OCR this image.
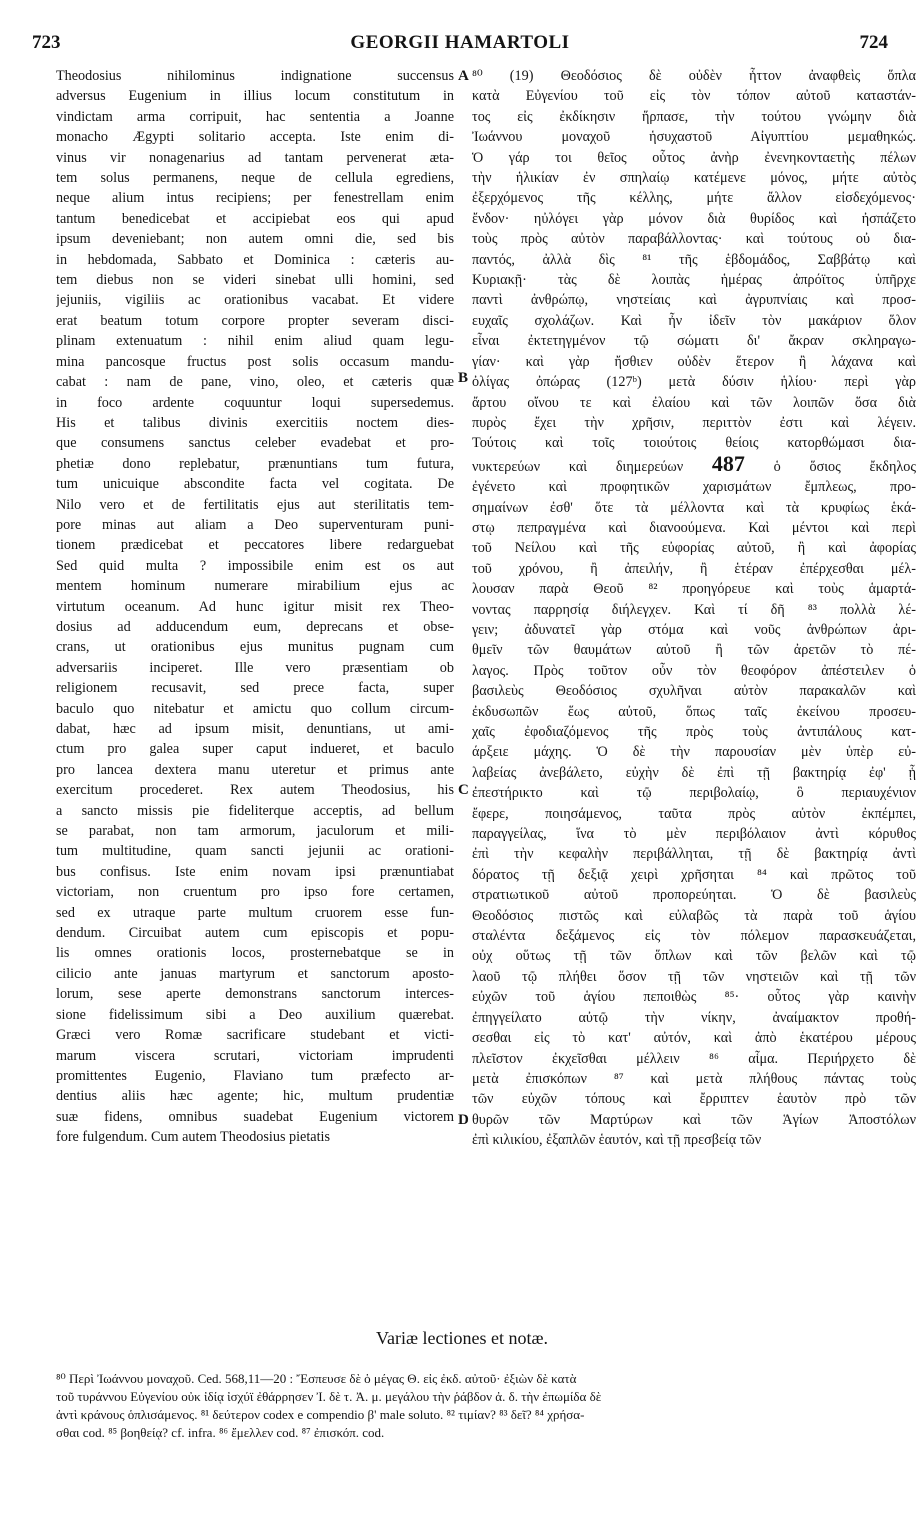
723	GEORGII HAMARTOLI	724
A
B
C
D
Theodosius nihilominus indignatione succensus
adversus Eugenium in illius locum constitutum in
vindictam arma corripuit, hac sententia a Joanne
monacho Ægypti solitario accepta. Iste enim di-
vinus vir nonagenarius ad tantam pervenerat æta-
tem solus permanens, neque de cellula egrediens,
neque alium intus recipiens; per fenestrellam enim
tantum benedicebat et accipiebat eos qui apud
ipsum deveniebant; non autem omni die, sed bis
in hebdomada, Sabbato et Dominica : cæteris au-
tem diebus non se videri sinebat ulli homini, sed
jejuniis, vigiliis ac orationibus vacabat. Et videre
erat beatum totum corpore propter severam disci-
plinam extenuatum : nihil enim aliud quam legu-
mina pancosque fructus post solis occasum mandu-
cabat : nam de pane, vino, oleo, et cæteris quæ
in foco ardente coquuntur loqui supersedemus.
His et talibus divinis exercitiis noctem dies-
que consumens sanctus celeber evadebat et pro-
phetiæ dono replebatur, prænuntians tum futura,
tum unicuique abscondite facta vel cogitata. De
Nilo vero et de fertilitatis ejus aut sterilitatis tem-
pore minas aut aliam a Deo superventuram puni-
tionem prædicebat et peccatores libere redarguebat
Sed quid multa ? impossibile enim est os aut
mentem hominum numerare mirabilium ejus ac
virtutum oceanum. Ad hunc igitur misit rex Theo-
dosius ad adducendum eum, deprecans et obse-
crans, ut orationibus ejus munitus pugnam cum
adversariis inciperet. Ille vero præsentiam ob
religionem recusavit, sed prece facta, super
baculo quo nitebatur et amictu quo collum circum-
dabat, hæc ad ipsum misit, denuntians, ut ami-
ctum pro galea super caput indueret, et baculo
pro lancea dextera manu uteretur et primus ante
exercitum procederet. Rex autem Theodosius, his
a sancto missis pie fideliterque acceptis, ad bellum
se parabat, non tam armorum, jaculorum et mili-
tum multitudine, quam sancti jejunii ac orationi-
bus confisus. Iste enim novam ipsi prænuntiabat
victoriam, non cruentum pro ipso fore certamen,
sed ex utraque parte multum cruorem esse fun-
dendum. Circuibat autem cum episcopis et popu-
lis omnes orationis locos, prosternebatque se in
cilicio ante januas martyrum et sanctorum aposto-
lorum, sese aperte demonstrans sanctorum interces-
sione fidelissimum sibi a Deo auxilium quærebat.
Græci vero Romæ sacrificare studebant et victi-
marum viscera scrutari, victoriam imprudenti
promittentes Eugenio, Flaviano tum præfecto ar-
dentius aliis hæc agente; hic, multum prudentiæ
suæ fidens, omnibus suadebat Eugenium victorem
fore fulgendum. Cum autem Theodosius pietatis
⁸⁰ (19) Θεοδόσιος δὲ οὐδὲν ἧττον ἀναφθεὶς ὅπλα
κατὰ Εὐγενίου τοῦ εἰς τὸν τόπον αὐτοῦ καταστάν-
τος εἰς ἐκδίκησιν ἥρπασε, τὴν τούτου γνώμην διὰ
Ἰωάννου μοναχοῦ ἡσυχαστοῦ Αἰγυπτίου μεμαθηκώς.
Ὁ γάρ τοι θεῖος οὗτος ἀνὴρ ἐνενηκονταετὴς πέλων
τὴν ἡλικίαν ἐν σπηλαίῳ κατέμενε μόνος, μήτε αὐτὸς
ἐξερχόμενος τῆς κέλλης, μήτε ἄλλον εἰσδεχόμενος·
ἔνδον· ηὐλόγει γὰρ μόνον διὰ θυρίδος καὶ ἠσπάζετο
τοὺς πρὸς αὐτὸν παραβάλλοντας· καὶ τούτους οὐ δια-
παντός, ἀλλὰ δὶς ⁸¹ τῆς ἑβδομάδος, Σαββάτῳ καὶ
Κυριακῇ· τὰς δὲ λοιπὰς ἡμέρας ἀπρόϊτος ὑπῆρχε
παντὶ ἀνθρώπῳ, νηστείαις καὶ ἀγρυπνίαις καὶ προσ-
ευχαῖς σχολάζων. Καὶ ἦν ἰδεῖν τὸν μακάριον ὅλον
εἶναι ἐκτετηγμένον τῷ σώματι δι' ἄκραν σκληραγω-
γίαν· καὶ γὰρ ἤσθιεν οὐδὲν ἕτερον ἢ λάχανα καὶ
ὀλίγας ὀπώρας (127ᵇ) μετὰ δύσιν ἡλίου· περὶ γὰρ
ἄρτου οἴνου τε καὶ ἐλαίου καὶ τῶν λοιπῶν ὅσα διὰ
πυρὸς ἔχει τὴν χρῆσιν, περιττὸν ἐστι καὶ λέγειν.
Τούτοις καὶ τοῖς τοιούτοις θείοις κατορθώμασι δια-
νυκτερεύων καὶ διημερεύων 487 ὁ ὅσιος ἔκδηλος
ἐγένετο καὶ προφητικῶν χαρισμάτων ἔμπλεως, προ-
σημαίνων ἐσθ' ὅτε τὰ μέλλοντα καὶ τὰ κρυφίως ἑκά-
στῳ πεπραγμένα καὶ διανοούμενα. Καὶ μέντοι καὶ περὶ
τοῦ Νείλου καὶ τῆς εὐφορίας αὐτοῦ, ἢ καὶ ἀφορίας
τοῦ χρόνου, ἢ ἀπειλήν, ἢ ἑτέραν ἐπέρχεσθαι μέλ-
λουσαν παρὰ Θεοῦ ⁸² προηγόρευε καὶ τοὺς ἁμαρτά-
νοντας παρρησίᾳ διήλεγχεν. Καὶ τί δῆ ⁸³ πολλὰ λέ-
γειν; ἀδυνατεῖ γὰρ στόμα καὶ νοῦς ἀνθρώπων ἀρι-
θμεῖν τῶν θαυμάτων αὐτοῦ ἢ τῶν ἀρετῶν τὸ πέ-
λαγος. Πρὸς τοῦτον οὖν τὸν θεοφόρον ἀπέστειλεν ὁ
βασιλεὺς Θεοδόσιος σχυλῆναι αὐτὸν παρακαλῶν καὶ
ἐκδυσωπῶν ἕως αὐτοῦ, ὅπως ταῖς ἐκείνου προσευ-
χαῖς ἐφοδιαζόμενος τῆς πρὸς τοὺς ἀντιπάλους κατ-
άρξειε μάχης. Ὁ δὲ τὴν παρουσίαν μὲν ὑπὲρ εὐ-
λαβείας ἀνεβάλετο, εὐχὴν δὲ ἐπὶ τῇ βακτηρίᾳ ἐφ' ᾗ
ἐπεστήρικτο καὶ τῷ περιβολαίῳ, ὃ περιαυχένιον
ἔφερε, ποιησάμενος, ταῦτα πρὸς αὐτὸν ἐκπέμπει,
παραγγείλας, ἵνα τὸ μὲν περιβόλαιον ἀντὶ κόρυθος
ἐπὶ τὴν κεφαλὴν περιβάλληται, τῇ δὲ βακτηρίᾳ ἀντὶ
δόρατος τῇ δεξιᾷ χειρὶ χρῆσηται ⁸⁴ καὶ πρῶτος τοῦ
στρατιωτικοῦ αὐτοῦ προπορεύηται. Ὁ δὲ βασιλεὺς
Θεοδόσιος πιστῶς καὶ εὐλαβῶς τὰ παρὰ τοῦ ἁγίου
σταλέντα δεξάμενος εἰς τὸν πόλεμον παρασκευάζεται,
οὐχ οὕτως τῇ τῶν ὅπλων καὶ τῶν βελῶν καὶ τῷ
λαοῦ τῷ πλήθει ὅσον τῇ τῶν νηστειῶν καὶ τῇ τῶν
εὐχῶν τοῦ ἁγίου πεποιθὼς ⁸⁵· οὗτος γὰρ καινὴν
ἐπηγγείλατο αὐτῷ τὴν νίκην, ἀναίμακτον προθή-
σεσθαι εἰς τὸ κατ' αὐτόν, καὶ ἀπὸ ἑκατέρου μέρους
πλεῖστον ἐκχεῖσθαι μέλλειν ⁸⁶ αἷμα. Περιήρχετο δὲ
μετὰ ἐπισκόπων ⁸⁷ καὶ μετὰ πλήθους πάντας τοὺς
τῶν εὐχῶν τόπους καὶ ἔρριπτεν ἑαυτὸν πρὸ τῶν
θυρῶν τῶν Μαρτύρων καὶ τῶν Ἁγίων Ἀποστόλων
ἐπὶ κιλικίου, ἐξαπλῶν ἑαυτόν, καὶ τῇ πρεσβείᾳ τῶν
Variæ lectiones et notæ.
⁸⁰ Περὶ Ἰωάννου μοναχοῦ. Ced. 568,11—20 : Ἔσπευσε δὲ ὁ μέγας Θ. εἰς ἐκδ. αὐτοῦ· ἐξιὼν δὲ κατὰ
τοῦ τυράννου Εὐγενίου οὐκ ἰδίᾳ ἰσχύϊ ἐθάρρησεν Ἰ. δὲ τ. Ἀ. μ. μεγάλου τὴν ῥάβδον ἀ. δ. τὴν ἐπωμίδα δὲ
ἀντὶ κράνους ὁπλισάμενος. ⁸¹ δεύτερον codex e compendio β' male soluto. ⁸² τιμίαν? ⁸³ δεῖ? ⁸⁴ χρήσα-
σθαι cod. ⁸⁵ βοηθείᾳ? cf. infra. ⁸⁶ ἔμελλεν cod. ⁸⁷ ἐπισκόπ. cod.
